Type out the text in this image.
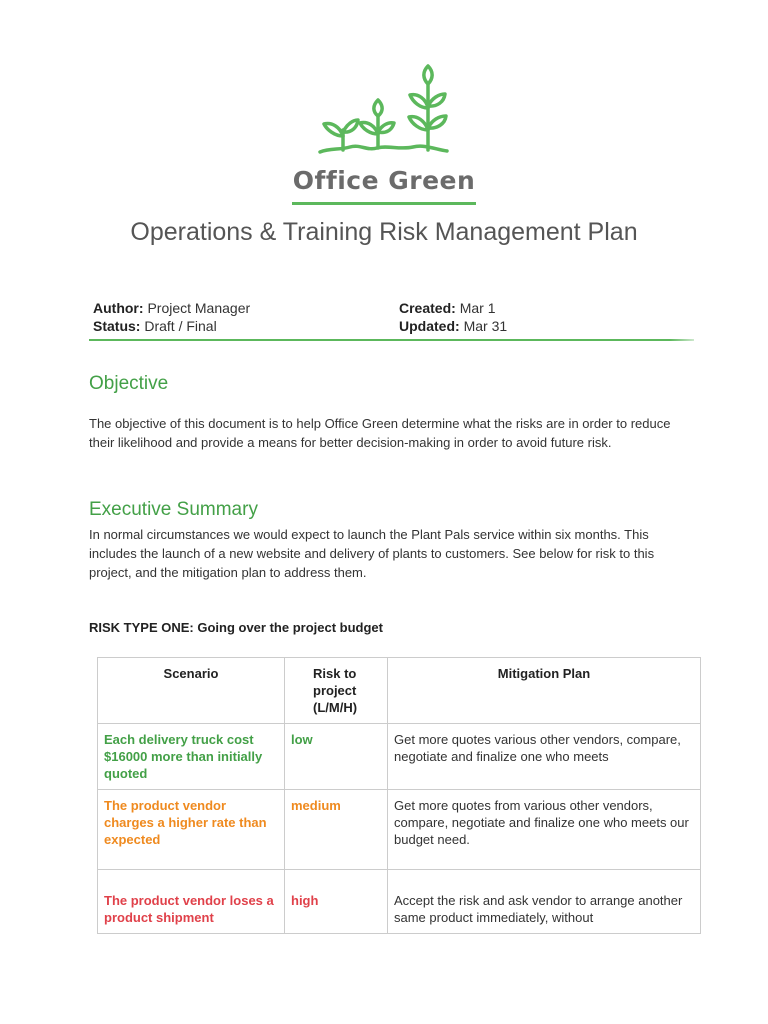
Office Green
Operations & Training Risk Management Plan
Author: Project Manager
Status: Draft / Final
Created: Mar 1
Updated: Mar 31
Objective
The objective of this document is to help Office Green determine what the risks are in order to reduce their likelihood and provide a means for better decision-making in order to avoid future risk.
Executive Summary
In normal circumstances we would expect to launch the Plant Pals service within six months. This includes the launch of a new website and delivery of plants to customers. See below for risk to this project, and the mitigation plan to address them.
RISK TYPE ONE: Going over the project budget
Scenario	Risk to project (L/M/H)	Mitigation Plan
Each delivery truck cost $16000 more than initially quoted	low	Get more quotes various other vendors, compare, negotiate and finalize one who meets
The product vendor charges a higher rate than expected	medium	Get more quotes from various other vendors, compare, negotiate and finalize one who meets our budget need.
The product vendor loses a product shipment	high	Accept the risk and ask vendor to arrange another same product immediately, without
